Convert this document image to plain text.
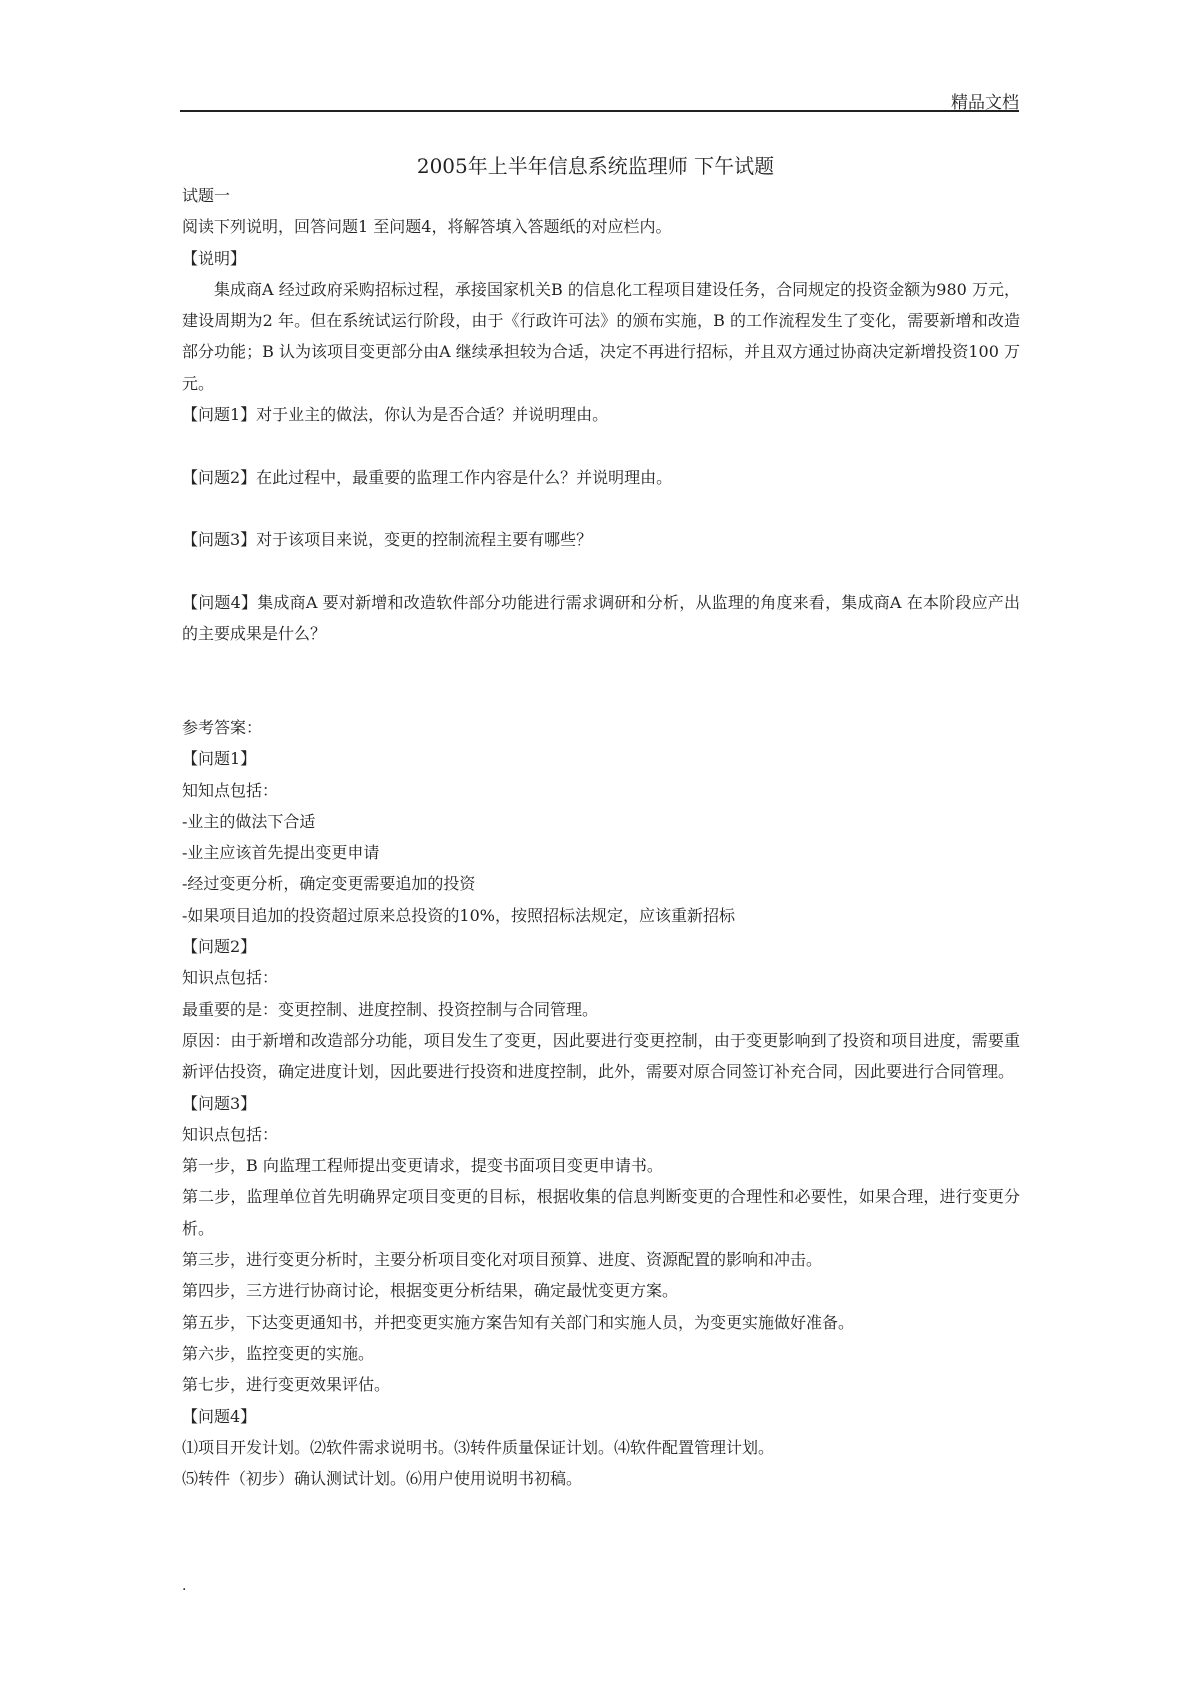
精品文档
2005年上半年信息系统监理师 下午试题

试题一

阅读下列说明，回答问题1 至问题4，将解答填入答题纸的对应栏内。

【说明】

集成商A 经过政府采购招标过程，承接国家机关B 的信息化工程项目建设任务，合同规定的投资金额为980 万元，建设周期为2 年。但在系统试运行阶段，由于《行政许可法》的颁布实施，B 的工作流程发生了变化，需要新增和改造部分功能；B 认为该项目变更部分由A 继续承担较为合适，决定不再进行招标，并且双方通过协商决定新增投资100 万元。

【问题1】对于业主的做法，你认为是否合适？并说明理由。

【问题2】在此过程中，最重要的监理工作内容是什么？并说明理由。

【问题3】对于该项目来说，变更的控制流程主要有哪些？

【问题4】集成商A 要对新增和改造软件部分功能进行需求调研和分析，从监理的角度来看，集成商A 在本阶段应产出的主要成果是什么？

参考答案：

【问题1】

知知点包括：

-业主的做法下合适

-业主应该首先提出变更申请

-经过变更分析，确定变更需要追加的投资

-如果项目追加的投资超过原来总投资的10%，按照招标法规定，应该重新招标

【问题2】

知识点包括：

最重要的是：变更控制、进度控制、投资控制与合同管理。

原因：由于新增和改造部分功能，项目发生了变更，因此要进行变更控制，由于变更影响到了投资和项目进度，需要重新评估投资，确定进度计划，因此要进行投资和进度控制，此外，需要对原合同签订补充合同，因此要进行合同管理。

【问题3】

知识点包括：

第一步，B 向监理工程师提出变更请求，提变书面项目变更申请书。

第二步，监理单位首先明确界定项目变更的目标，根据收集的信息判断变更的合理性和必要性，如果合理，进行变更分析。

第三步，进行变更分析时，主要分析项目变化对项目预算、进度、资源配置的影响和冲击。

第四步，三方进行协商讨论，根据变更分析结果，确定最忧变更方案。

第五步，下达变更通知书，并把变更实施方案告知有关部门和实施人员，为变更实施做好准备。

第六步，监控变更的实施。

第七步，进行变更效果评估。

【问题4】

⑴项目开发计划。⑵软件需求说明书。⑶转件质量保证计划。⑷软件配置管理计划。

⑸转件（初步）确认测试计划。⑹用户使用说明书初稿。

.
